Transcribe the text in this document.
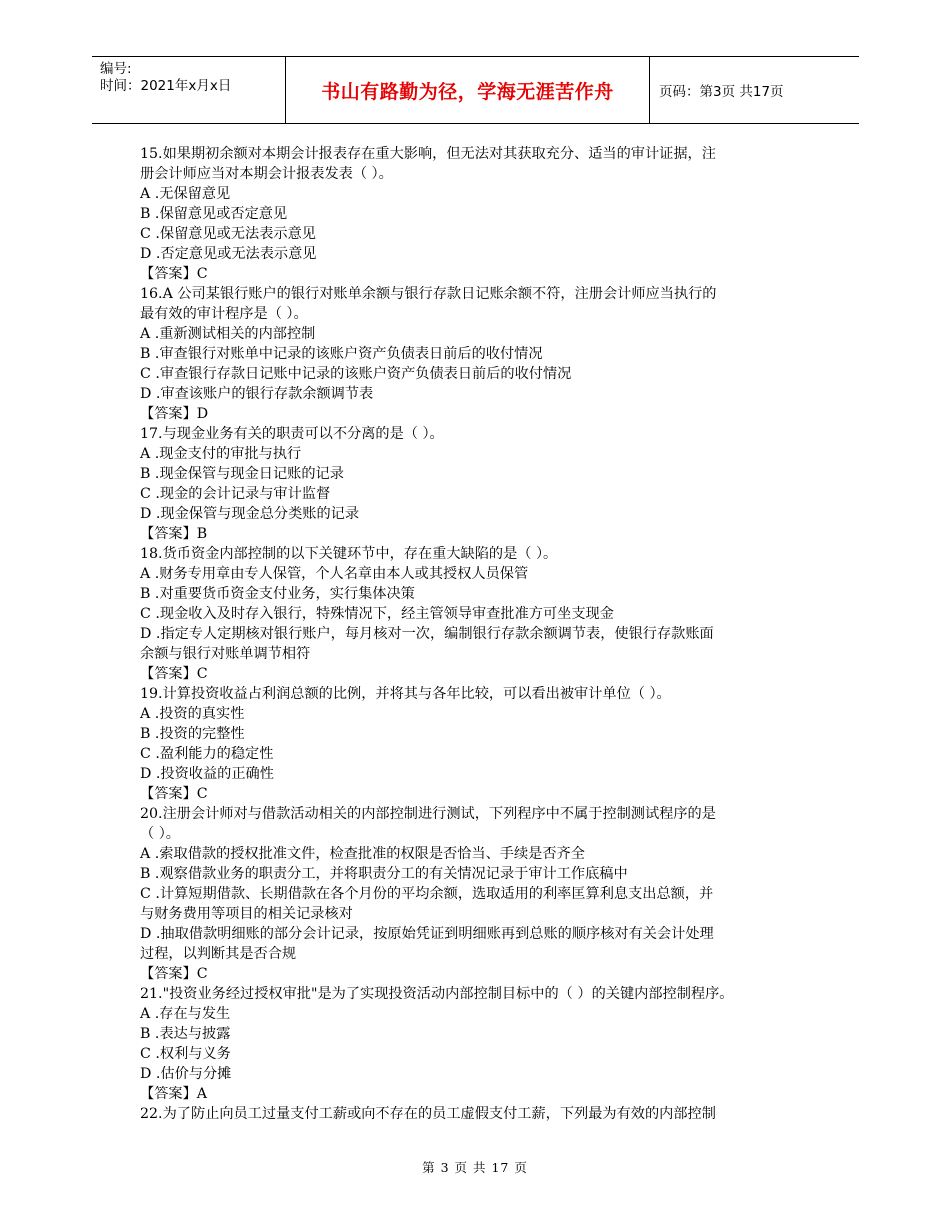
编号:
时间：2021年x月x日	书山有路勤为径，学海无涯苦作舟	页码：第3页 共17页
15.如果期初余额对本期会计报表存在重大影响，但无法对其获取充分、适当的审计证据，注
册会计师应当对本期会计报表发表（ ）。
A .无保留意见
B .保留意见或否定意见
C .保留意见或无法表示意见
D .否定意见或无法表示意见
【答案】C
16.A 公司某银行账户的银行对账单余额与银行存款日记账余额不符，注册会计师应当执行的
最有效的审计程序是（ ）。
A .重新测试相关的内部控制
B .审查银行对账单中记录的该账户资产负债表日前后的收付情况
C .审查银行存款日记账中记录的该账户资产负债表日前后的收付情况
D .审查该账户的银行存款余额调节表
【答案】D
17.与现金业务有关的职责可以不分离的是（ ）。
A .现金支付的审批与执行
B .现金保管与现金日记账的记录
C .现金的会计记录与审计监督
D .现金保管与现金总分类账的记录
【答案】B
18.货币资金内部控制的以下关键环节中，存在重大缺陷的是（ ）。
A .财务专用章由专人保管，个人名章由本人或其授权人员保管
B .对重要货币资金支付业务，实行集体决策
C .现金收入及时存入银行，特殊情况下，经主管领导审查批准方可坐支现金
D .指定专人定期核对银行账户，每月核对一次，编制银行存款余额调节表，使银行存款账面
余额与银行对账单调节相符
【答案】C
19.计算投资收益占利润总额的比例，并将其与各年比较，可以看出被审计单位（ ）。
A .投资的真实性
B .投资的完整性
C .盈利能力的稳定性
D .投资收益的正确性
【答案】C
20.注册会计师对与借款活动相关的内部控制进行测试，下列程序中不属于控制测试程序的是
（ ）。
A .索取借款的授权批准文件，检查批准的权限是否恰当、手续是否齐全
B .观察借款业务的职责分工，并将职责分工的有关情况记录于审计工作底稿中
C .计算短期借款、长期借款在各个月份的平均余额，选取适用的利率匡算利息支出总额，并
与财务费用等项目的相关记录核对
D .抽取借款明细账的部分会计记录，按原始凭证到明细账再到总账的顺序核对有关会计处理
过程，以判断其是否合规
【答案】C
21."投资业务经过授权审批"是为了实现投资活动内部控制目标中的（ ）的关键内部控制程序。
A .存在与发生
B .表达与披露
C .权利与义务
D .估价与分摊
【答案】A
22.为了防止向员工过量支付工薪或向不存在的员工虚假支付工薪，下列最为有效的内部控制
第 3 页 共 17 页
